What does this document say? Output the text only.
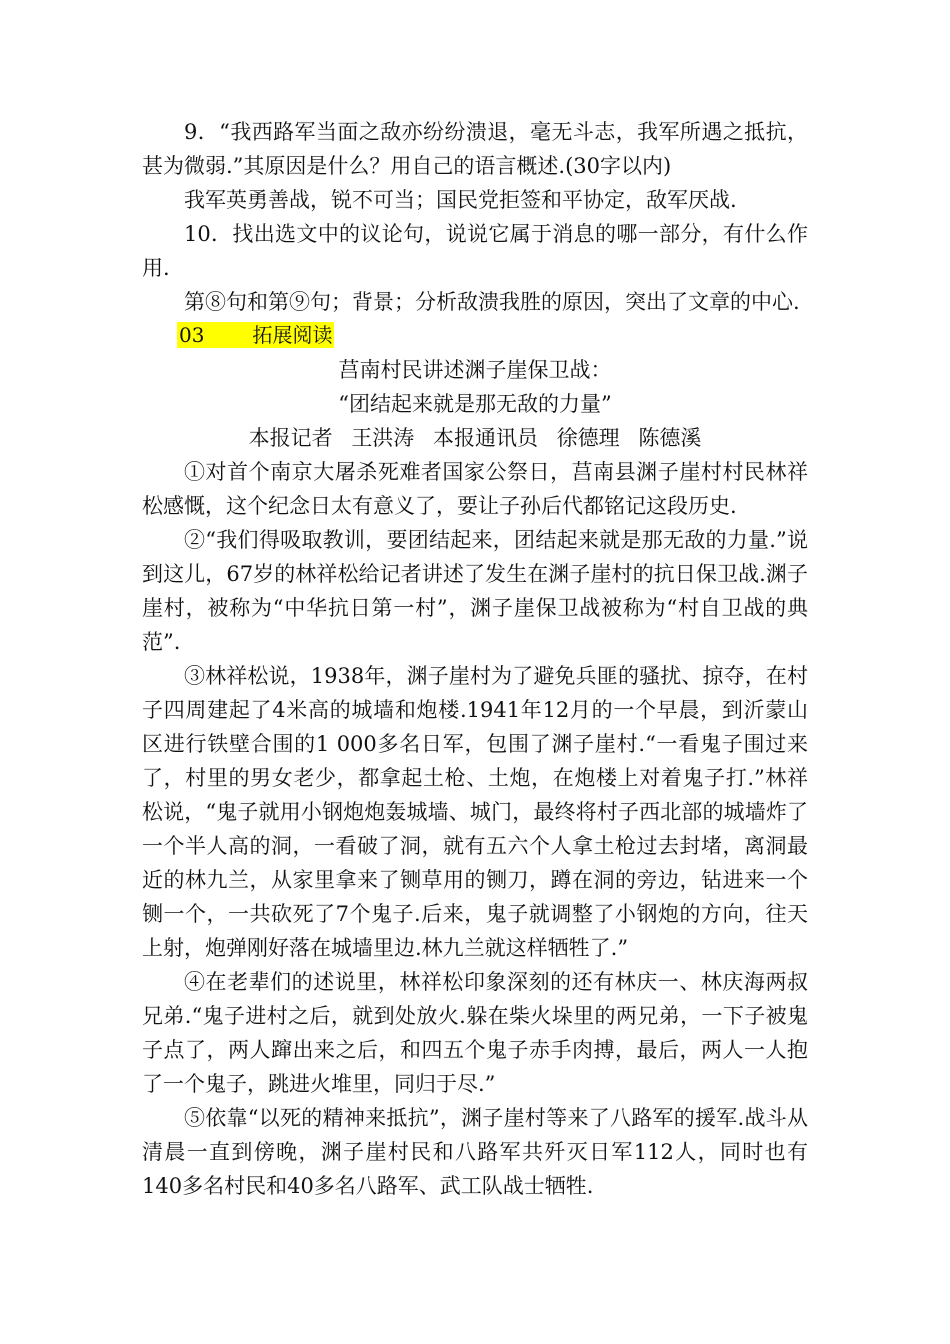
9．“我西路军当面之敌亦纷纷溃退，毫无斗志，我军所遇之抵抗，甚为微弱.”其原因是什么？用自己的语言概述.(30字以内)

我军英勇善战，锐不可当；国民党拒签和平协定，敌军厌战.

10．找出选文中的议论句，说说它属于消息的哪一部分，有什么作用.

第⑧句和第⑨句；背景；分析敌溃我胜的原因，突出了文章的中心.

03 拓展阅读

莒南村民讲述渊子崖保卫战：

“团结起来就是那无敌的力量”

本报记者 王洪涛 本报通讯员 徐德理 陈德溪

①对首个南京大屠杀死难者国家公祭日，莒南县渊子崖村村民林祥松感慨，这个纪念日太有意义了，要让子孙后代都铭记这段历史.

②“我们得吸取教训，要团结起来，团结起来就是那无敌的力量.”说到这儿，67岁的林祥松给记者讲述了发生在渊子崖村的抗日保卫战.渊子崖村，被称为“中华抗日第一村”，渊子崖保卫战被称为“村自卫战的典范”.

③林祥松说，1938年，渊子崖村为了避免兵匪的骚扰、掠夺，在村子四周建起了4米高的城墙和炮楼.1941年12月的一个早晨，到沂蒙山区进行铁壁合围的1 000多名日军，包围了渊子崖村.“一看鬼子围过来了，村里的男女老少，都拿起土枪、土炮，在炮楼上对着鬼子打.”林祥松说，“鬼子就用小钢炮炮轰城墙、城门，最终将村子西北部的城墙炸了一个半人高的洞，一看破了洞，就有五六个人拿土枪过去封堵，离洞最近的林九兰，从家里拿来了铡草用的铡刀，蹲在洞的旁边，钻进来一个铡一个，一共砍死了7个鬼子.后来，鬼子就调整了小钢炮的方向，往天上射，炮弹刚好落在城墙里边.林九兰就这样牺牲了.”

④在老辈们的述说里，林祥松印象深刻的还有林庆一、林庆海两叔兄弟.“鬼子进村之后，就到处放火.躲在柴火垛里的两兄弟，一下子被鬼子点了，两人蹿出来之后，和四五个鬼子赤手肉搏，最后，两人一人抱了一个鬼子，跳进火堆里，同归于尽.”

⑤依靠“以死的精神来抵抗”，渊子崖村等来了八路军的援军.战斗从清晨一直到傍晚，渊子崖村民和八路军共歼灭日军112人，同时也有140多名村民和40多名八路军、武工队战士牺牲.
